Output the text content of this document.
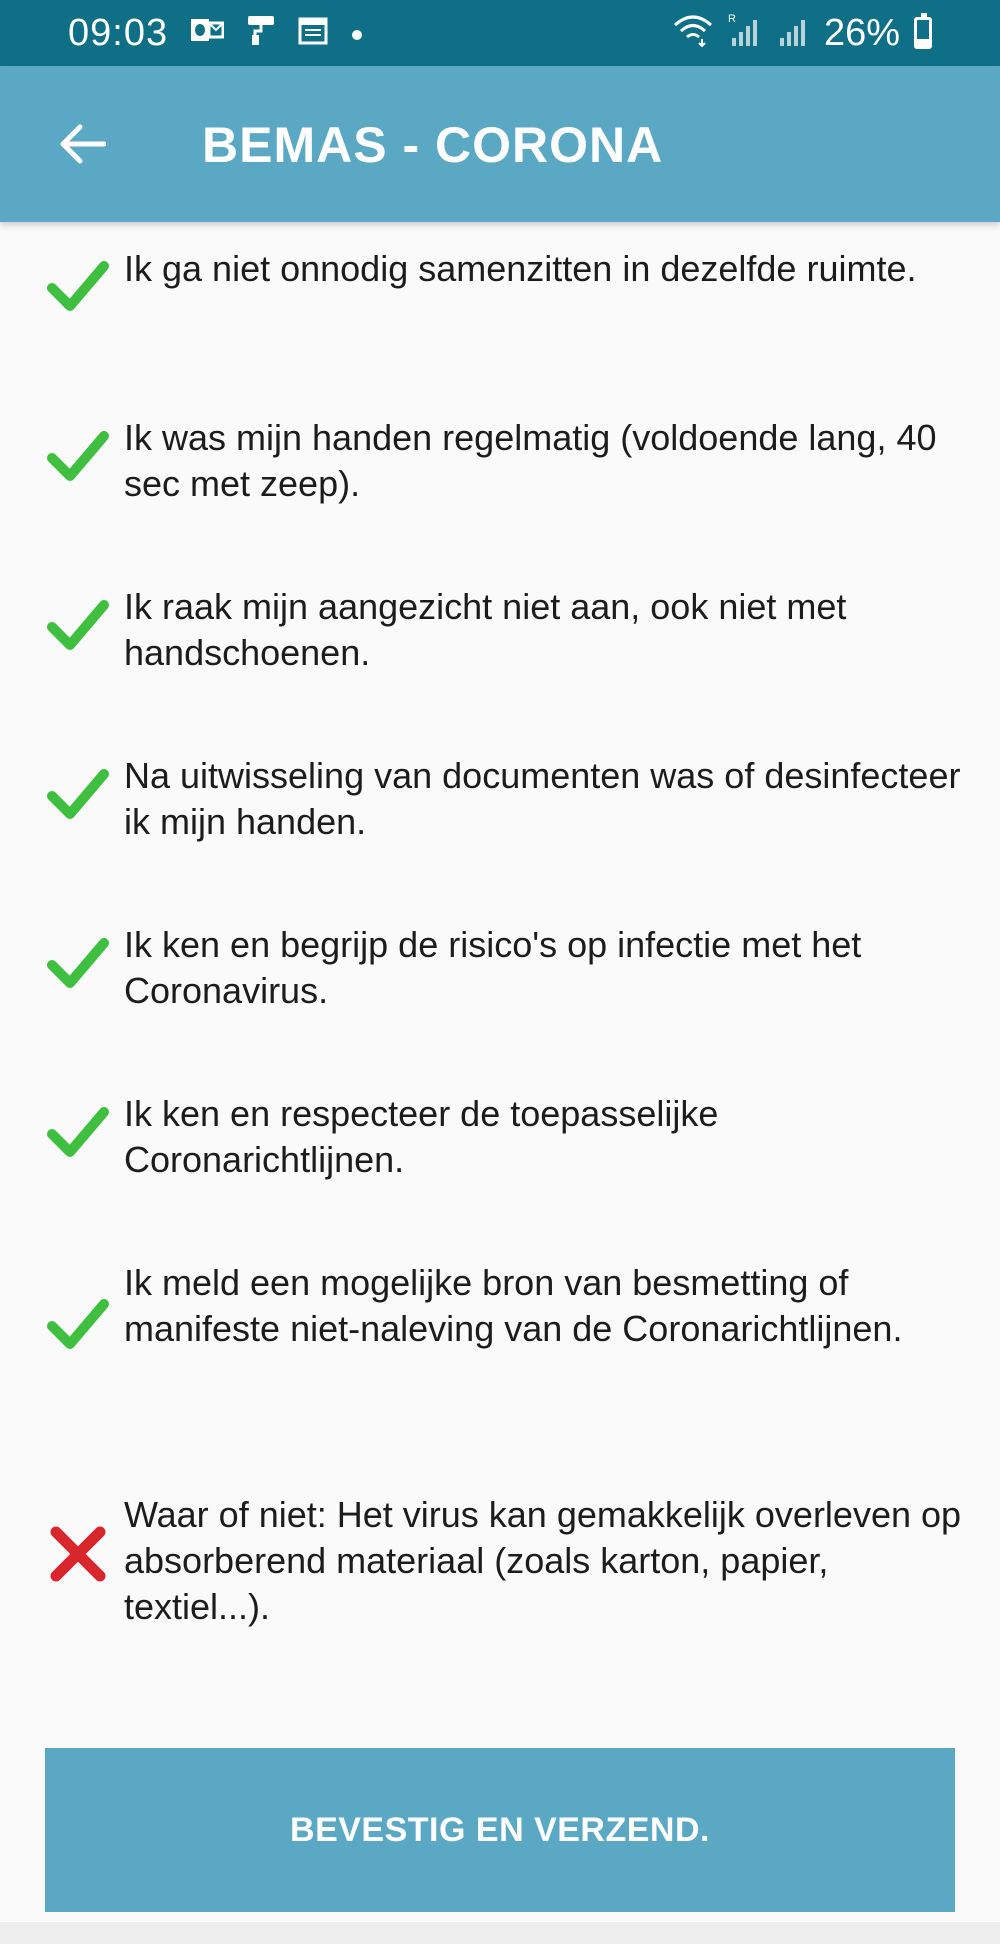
09:03	R 26%
BEMAS - CORONA
Ik ga niet onnodig samenzitten in dezelfde ruimte.
Ik was mijn handen regelmatig (voldoende lang, 40 sec met zeep).
Ik raak mijn aangezicht niet aan, ook niet met handschoenen.
Na uitwisseling van documenten was of desinfecteer ik mijn handen.
Ik ken en begrijp de risico's op infectie met het Coronavirus.
Ik ken en respecteer de toepasselijke Coronarichtlijnen.
Ik meld een mogelijke bron van besmetting of manifeste niet-naleving van de Coronarichtlijnen.
Waar of niet: Het virus kan gemakkelijk overleven op absorberend materiaal (zoals karton, papier, textiel...).
BEVESTIG EN VERZEND.
